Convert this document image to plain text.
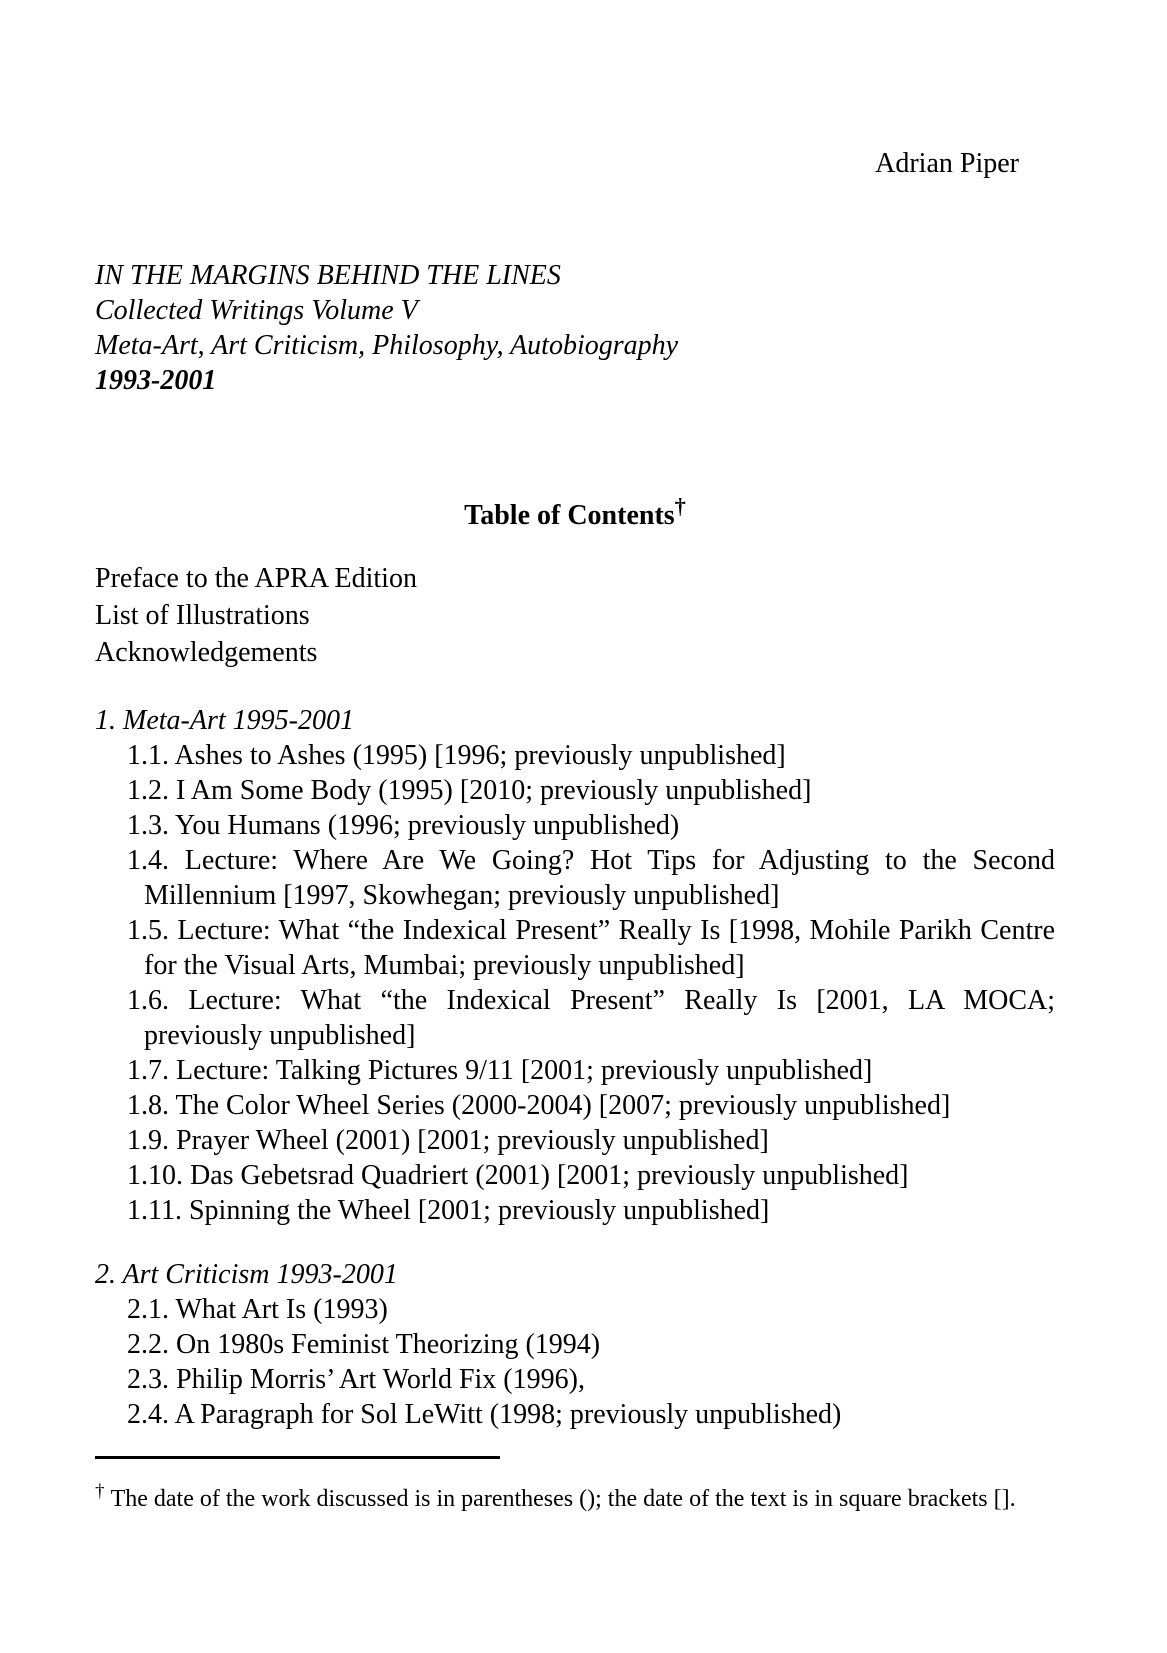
Adrian Piper
IN THE MARGINS BEHIND THE LINES
Collected Writings Volume V
Meta-Art, Art Criticism, Philosophy, Autobiography
1993-2001
Table of Contents†
Preface to the APRA Edition
List of Illustrations
Acknowledgements
1. Meta-Art 1995-2001
1.1. Ashes to Ashes (1995) [1996; previously unpublished]
1.2. I Am Some Body (1995) [2010; previously unpublished]
1.3. You Humans (1996; previously unpublished)
1.4. Lecture: Where Are We Going? Hot Tips for Adjusting to the Second Millennium [1997, Skowhegan; previously unpublished]
1.5. Lecture: What “the Indexical Present” Really Is [1998, Mohile Parikh Centre for the Visual Arts, Mumbai; previously unpublished]
1.6. Lecture: What “the Indexical Present” Really Is [2001, LA MOCA; previously unpublished]
1.7. Lecture: Talking Pictures 9/11 [2001; previously unpublished]
1.8. The Color Wheel Series (2000-2004) [2007; previously unpublished]
1.9. Prayer Wheel (2001) [2001; previously unpublished]
1.10. Das Gebetsrad Quadriert (2001) [2001; previously unpublished]
1.11. Spinning the Wheel [2001; previously unpublished]
2. Art Criticism 1993-2001
2.1. What Art Is (1993)
2.2. On 1980s Feminist Theorizing (1994)
2.3. Philip Morris’ Art World Fix (1996),
2.4. A Paragraph for Sol LeWitt (1998; previously unpublished)
† The date of the work discussed is in parentheses (); the date of the text is in square brackets [].
